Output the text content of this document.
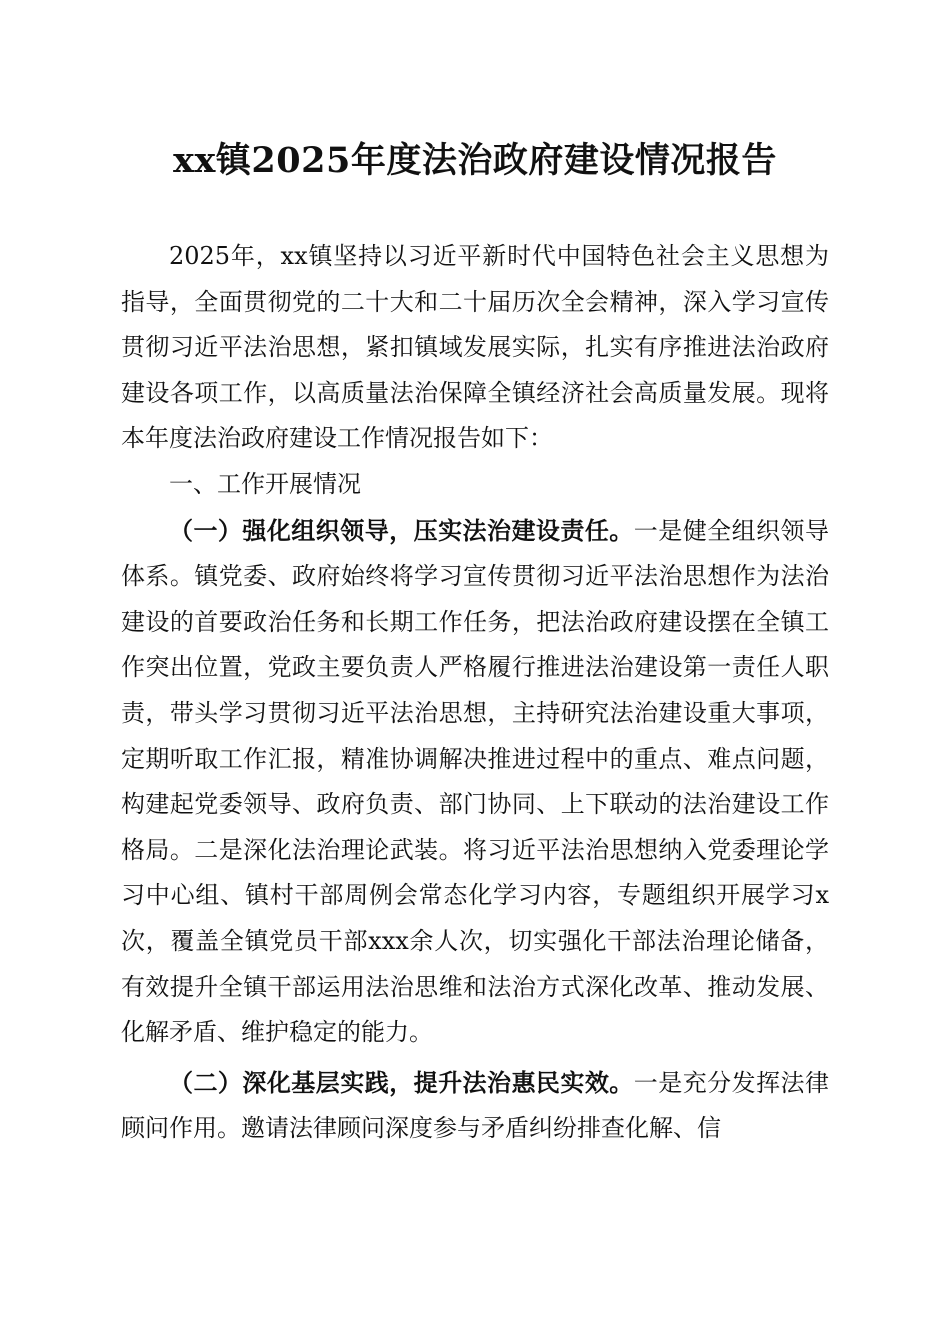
xx镇2025年度法治政府建设情况报告

2025年，xx镇坚持以习近平新时代中国特色社会主义思想为指导，全面贯彻党的二十大和二十届历次全会精神，深入学习宣传贯彻习近平法治思想，紧扣镇域发展实际，扎实有序推进法治政府建设各项工作，以高质量法治保障全镇经济社会高质量发展。现将本年度法治政府建设工作情况报告如下：

一、工作开展情况

（一）强化组织领导，压实法治建设责任。一是健全组织领导体系。镇党委、政府始终将学习宣传贯彻习近平法治思想作为法治建设的首要政治任务和长期工作任务，把法治政府建设摆在全镇工作突出位置，党政主要负责人严格履行推进法治建设第一责任人职责，带头学习贯彻习近平法治思想，主持研究法治建设重大事项，定期听取工作汇报，精准协调解决推进过程中的重点、难点问题，构建起党委领导、政府负责、部门协同、上下联动的法治建设工作格局。二是深化法治理论武装。将习近平法治思想纳入党委理论学习中心组、镇村干部周例会常态化学习内容，专题组织开展学习x次，覆盖全镇党员干部xxx余人次，切实强化干部法治理论储备，有效提升全镇干部运用法治思维和法治方式深化改革、推动发展、化解矛盾、维护稳定的能力。

（二）深化基层实践，提升法治惠民实效。一是充分发挥法律顾问作用。邀请法律顾问深度参与矛盾纠纷排查化解、信
